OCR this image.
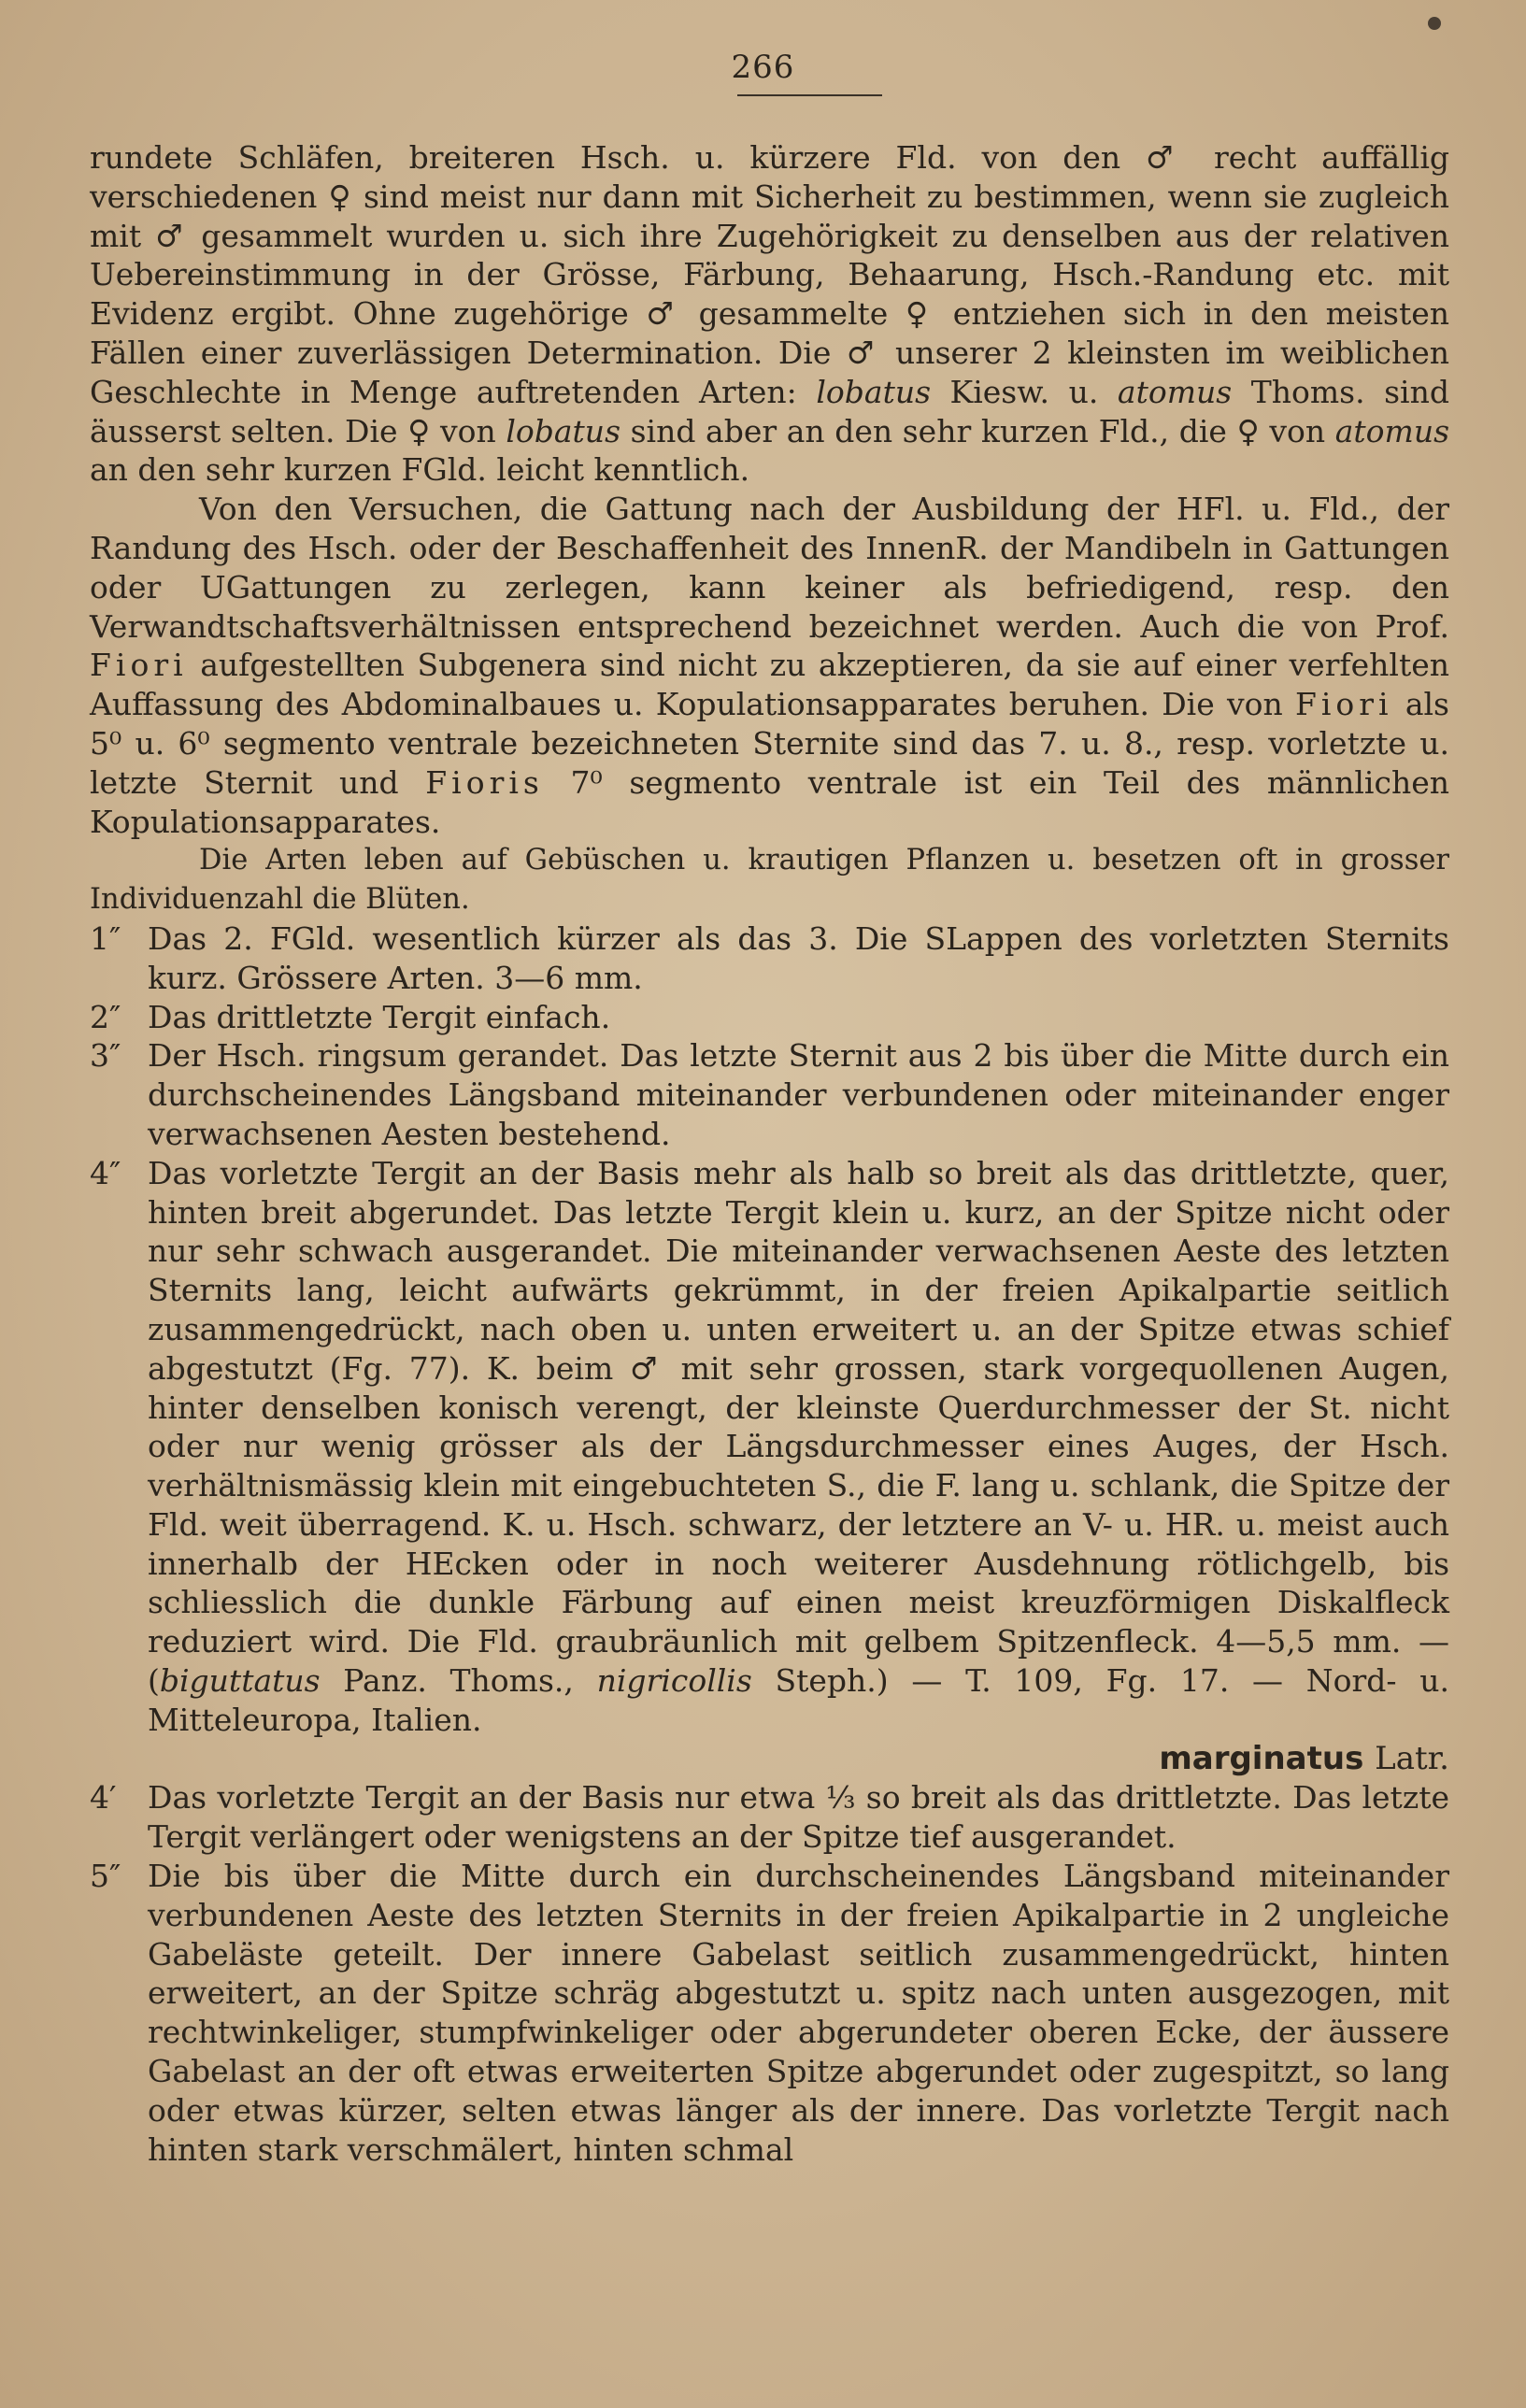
266

rundete Schläfen, breiteren Hsch. u. kürzere Fld. von den ♂ recht auffällig verschiedenen ♀ sind meist nur dann mit Sicherheit zu bestimmen, wenn sie zugleich mit ♂ gesammelt wurden u. sich ihre Zugehörigkeit zu denselben aus der relativen Uebereinstimmung in der Grösse, Färbung, Behaarung, Hsch.-Randung etc. mit Evidenz ergibt. Ohne zugehörige ♂ gesammelte ♀ entziehen sich in den meisten Fällen einer zuverlässigen Determination. Die ♂ unserer 2 kleinsten im weiblichen Geschlechte in Menge auftretenden Arten: lobatus Kiesw. u. atomus Thoms. sind äusserst selten. Die ♀ von lobatus sind aber an den sehr kurzen Fld., die ♀ von atomus an den sehr kurzen FGld. leicht kenntlich.

Von den Versuchen, die Gattung nach der Ausbildung der HFl. u. Fld., der Randung des Hsch. oder der Beschaffenheit des InnenR. der Mandibeln in Gattungen oder UGattungen zu zerlegen, kann keiner als befriedigend, resp. den Verwandtschaftsverhältnissen entsprechend bezeichnet werden. Auch die von Prof. Fiori aufgestellten Subgenera sind nicht zu akzeptieren, da sie auf einer verfehlten Auffassung des Abdominalbaues u. Kopulationsapparates beruhen. Die von Fiori als 5⁰ u. 6⁰ segmento ventrale bezeichneten Sternite sind das 7. u. 8., resp. vorletzte u. letzte Sternit und Fioris 7⁰ segmento ventrale ist ein Teil des männlichen Kopulationsapparates.

Die Arten leben auf Gebüschen u. krautigen Pflanzen u. besetzen oft in grosser Individuenzahl die Blüten.

1″ Das 2. FGld. wesentlich kürzer als das 3. Die SLappen des vorletzten Sternits kurz. Grössere Arten. 3—6 mm.
2″ Das drittletzte Tergit einfach.
3″ Der Hsch. ringsum gerandet. Das letzte Sternit aus 2 bis über die Mitte durch ein durchscheinendes Längsband miteinander verbundenen oder miteinander enger verwachsenen Aesten bestehend.
4″ Das vorletzte Tergit an der Basis mehr als halb so breit als das drittletzte, quer, hinten breit abgerundet. Das letzte Tergit klein u. kurz, an der Spitze nicht oder nur sehr schwach ausgerandet. Die miteinander verwachsenen Aeste des letzten Sternits lang, leicht aufwärts gekrümmt, in der freien Apikalpartie seitlich zusammengedrückt, nach oben u. unten erweitert u. an der Spitze etwas schief abgestutzt (Fg. 77). K. beim ♂ mit sehr grossen, stark vorgequollenen Augen, hinter denselben konisch verengt, der kleinste Querdurchmesser der St. nicht oder nur wenig grösser als der Längsdurchmesser eines Auges, der Hsch. verhältnismässig klein mit eingebuchteten S., die F. lang u. schlank, die Spitze der Fld. weit überragend. K. u. Hsch. schwarz, der letztere an V- u. HR. u. meist auch innerhalb der HEcken oder in noch weiterer Ausdehnung rötlichgelb, bis schliesslich die dunkle Färbung auf einen meist kreuzförmigen Diskalfleck reduziert wird. Die Fld. graubräunlich mit gelbem Spitzenfleck. 4—5,5 mm. — (biguttatus Panz. Thoms., nigricollis Steph.) — T. 109, Fg. 17. — Nord- u. Mitteleuropa, Italien.
marginatus Latr.
4′ Das vorletzte Tergit an der Basis nur etwa ¹⁄₃ so breit als das drittletzte. Das letzte Tergit verlängert oder wenigstens an der Spitze tief ausgerandet.
5″ Die bis über die Mitte durch ein durchscheinendes Längsband miteinander verbundenen Aeste des letzten Sternits in der freien Apikalpartie in 2 ungleiche Gabeläste geteilt. Der innere Gabelast seitlich zusammengedrückt, hinten erweitert, an der Spitze schräg abgestutzt u. spitz nach unten ausgezogen, mit rechtwinkeliger, stumpfwinkeliger oder abgerundeter oberen Ecke, der äussere Gabelast an der oft etwas erweiterten Spitze abgerundet oder zugespitzt, so lang oder etwas kürzer, selten etwas länger als der innere. Das vorletzte Tergit nach hinten stark verschmälert, hinten schmal
